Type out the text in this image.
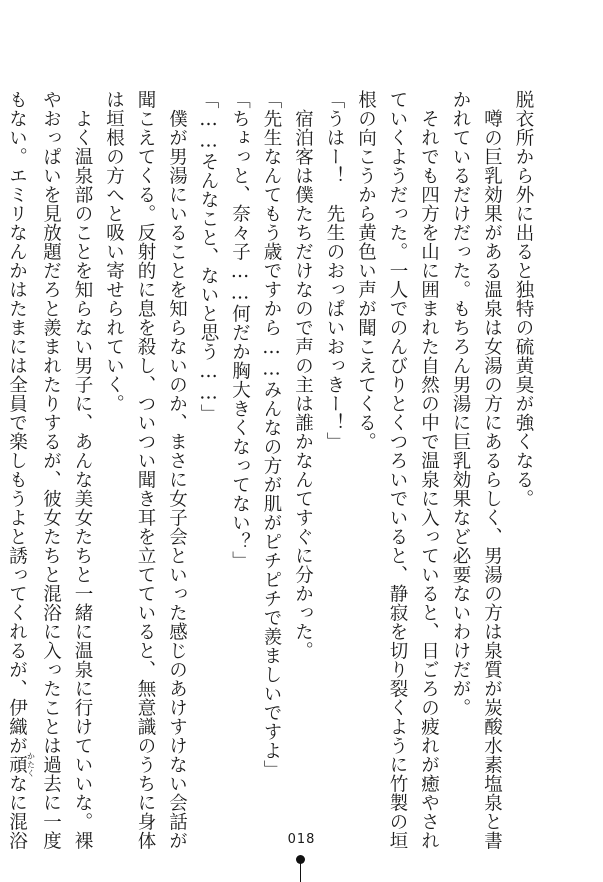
脱衣所から外に出ると独特の硫黄臭が強くなる。
噂の巨乳効果がある温泉は女湯の方にあるらしく、男湯の方は泉質が炭酸水素塩泉と書
かれているだけだった。もちろん男湯に巨乳効果など必要ないわけだが。
それでも四方を山に囲まれた自然の中で温泉に入っていると、日ごろの疲れが癒やされ
ていくようだった。一人でのんびりとくつろいでいると、静寂を切り裂くように竹製の垣
根の向こうから黄色い声が聞こえてくる。
「うはー！　先生のおっぱいおっきー！」
宿泊客は僕たちだけなので声の主は誰かなんてすぐに分かった。
「先生なんてもう歳ですから……みんなの方が肌がピチピチで羨ましいですよ」
「ちょっと、奈々子……何だか胸大きくなってない？」
「……そんなこと、ないと思う……」
僕が男湯にいることを知らないのか、まさに女子会といった感じのあけすけない会話が
聞こえてくる。反射的に息を殺し、ついつい聞き耳を立てていると、無意識のうちに身体
は垣根の方へと吸い寄せられていく。
よく温泉部のことを知らない男子に、あんな美女たちと一緒に温泉に行けていいな。裸
やおっぱいを見放題だろと羨まれたりするが、彼女たちと混浴に入ったことは過去に一度
もない。エミリなんかはたまには全員で楽しもうよと誘ってくれるが、伊織が頑 かたくなに混浴	018
